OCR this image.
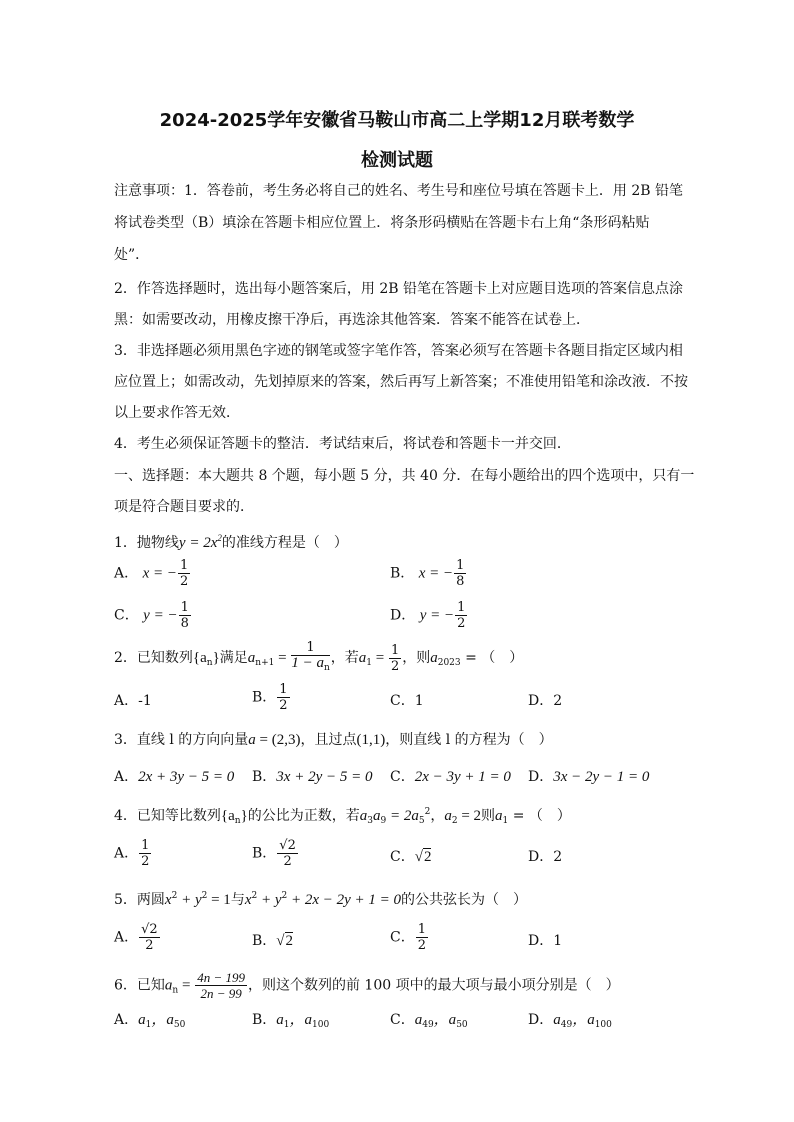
2024-2025学年安徽省马鞍山市高二上学期12月联考数学
检测试题
注意事项：1．答卷前，考生务必将自己的姓名、考生号和座位号填在答题卡上．用 2B 铅笔
将试卷类型（B）填涂在答题卡相应位置上．将条形码横贴在答题卡右上角“条形码粘贴
处”．
2．作答选择题时，选出每小题答案后，用 2B 铅笔在答题卡上对应题目选项的答案信息点涂
黑：如需要改动，用橡皮擦干净后，再选涂其他答案．答案不能答在试卷上．
3．非选择题必须用黑色字迹的钢笔或签字笔作答，答案必须写在答题卡各题目指定区域内相
应位置上；如需改动，先划掉原来的答案，然后再写上新答案；不准使用铅笔和涂改液．不按
以上要求作答无效．
4．考生必须保证答题卡的整洁．考试结束后，将试卷和答题卡一并交回．
一、选择题：本大题共 8 个题，每小题 5 分，共 40 分．在每小题给出的四个选项中，只有一
项是符合题目要求的．
1．抛物线$y = 2x^2$的准线方程是（　）
A． x = − $\frac{1}{2}$	B． x = − $\frac{1}{8}$
C． y = − $\frac{1}{8}$	D． y = − $\frac{1}{2}$
2．已知数列$\{a_n\}$满足$a_{n+1} = \frac{1}{1 - a_n}$ ，若$a_1 = \frac{1}{2}$ ，则$a_{2023}$ = （　）
A．-1	B． $\frac{1}{2}$	C．1	D．2
3．直线 l 的方向向量a = (2,3)，且过点(1,1)，则直线 l 的方程为（　）
A．2x + 3y − 5 = 0 B．3x + 2y − 5 = 0 C．2x − 3y + 1 = 0 D．3x − 2y − 1 = 0
4．已知等比数列$\{a_n\}$的公比为正数，若$a_3a_9 = 2a_5^2$，$a_2 = 2$则$a_1$ = （　）
A． $\frac{1}{2}$	B． $\frac{√2}{2}$	C．√2	D．2
5．两圆$x^2 + y^2 = 1$与$x^2 + y^2 + 2x - 2y + 1 = 0$的公共弦长为（　）
A． $\frac{√2}{2}$	B．√2	C． $\frac{1}{2}$	D．1
6．已知$a_n = \frac{4n - 199}{2n - 99}$ ，则这个数列的前 100 项中的最大项与最小项分别是（　）
A．$a_1$，$a_{50}$	B．$a_1$，$a_{100}$	C．$a_{49}$，$a_{50}$	D．$a_{49}$，$a_{100}$
